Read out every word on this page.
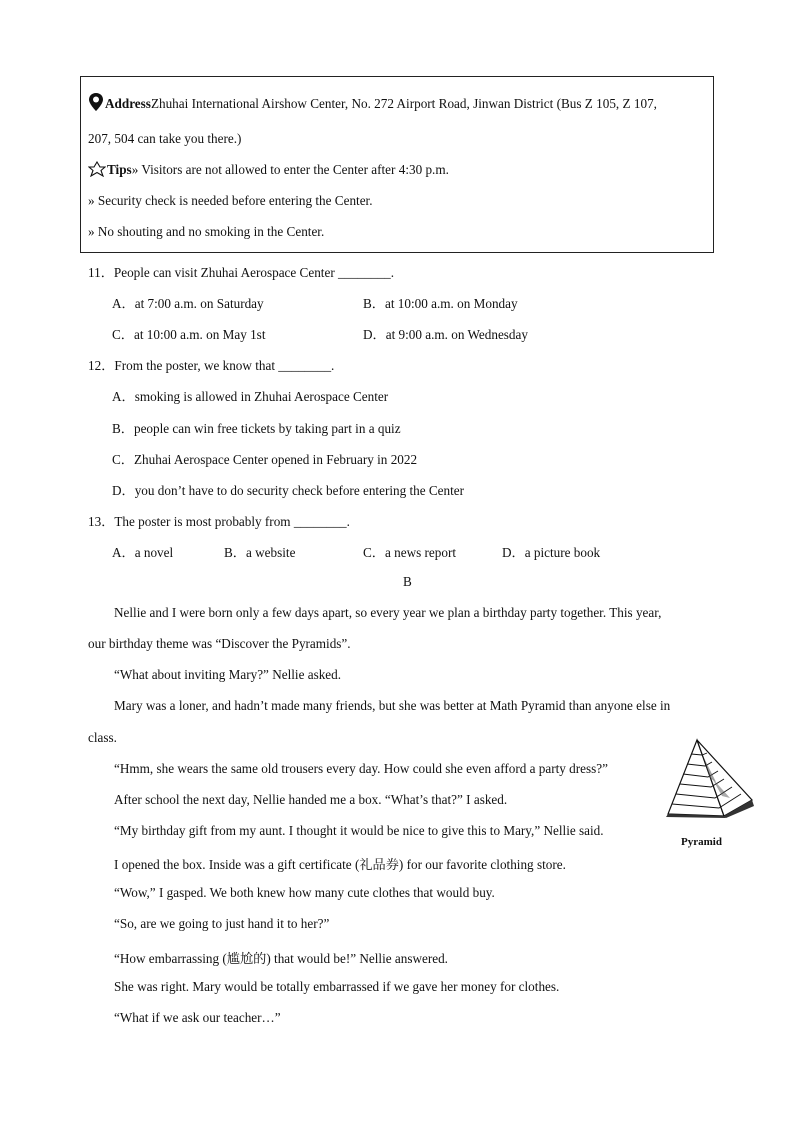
AddressZhuhai International Airshow Center, No. 272 Airport Road, Jinwan District (Bus Z 105, Z 107,
207, 504 can take you there.)
Tips» Visitors are not allowed to enter the Center after 4:30 p.m.
» Security check is needed before entering the Center.
» No shouting and no smoking in the Center.
11．People can visit Zhuhai Aerospace Center ________.
A．at 7:00 a.m. on Saturday	B．at 10:00 a.m. on Monday
C．at 10:00 a.m. on May 1st	D．at 9:00 a.m. on Wednesday
12．From the poster, we know that ________.
A．smoking is allowed in Zhuhai Aerospace Center
B．people can win free tickets by taking part in a quiz
C．Zhuhai Aerospace Center opened in February in 2022
D．you don’t have to do security check before entering the Center
13．The poster is most probably from ________.
A．a novel	B．a website	C．a news report	D．a picture book
B
Nellie and I were born only a few days apart, so every year we plan a birthday party together. This year,
our birthday theme was “Discover the Pyramids”.
“What about inviting Mary?” Nellie asked.
Mary was a loner, and hadn’t made many friends, but she was better at Math Pyramid than anyone else in
class.
“Hmm, she wears the same old trousers every day. How could she even afford a party dress?”
After school the next day, Nellie handed me a box. “What’s that?” I asked.
“My birthday gift from my aunt. I thought it would be nice to give this to Mary,” Nellie said.
I opened the box. Inside was a gift certificate (礼品券) for our favorite clothing store.
“Wow,” I gasped. We both knew how many cute clothes that would buy.
“So, are we going to just hand it to her?”
“How embarrassing (尴尬的) that would be!” Nellie answered.
She was right. Mary would be totally embarrassed if we gave her money for clothes.
“What if we ask our teacher…”
Pyramid
